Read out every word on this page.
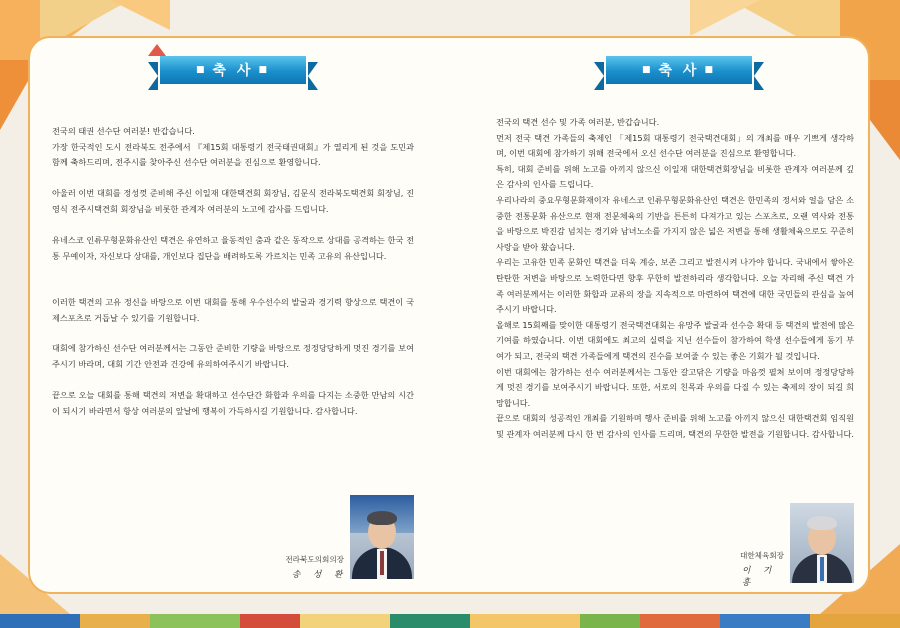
■ 축 사 ■	■ 축 사 ■

전국의 태권 선수단 여러분! 반갑습니다.
가장 한국적인 도시 전라북도 전주에서 『제15회 대통령기 전국태권대회』가 열리게 된 것을 도민과 함께 축하드리며, 전주시를 찾아주신 선수단 여러분을 진심으로 환영합니다.

아울러 이번 대회를 정성껏 준비해 주신 이일재 대한택견회 회장님, 김문식 전라북도택견회 회장님, 진영식 전주시택견회 회장님을 비롯한 관계자 여러분의 노고에 감사를 드립니다.

유네스코 인류무형문화유산인 택견은 유연하고 율동적인 춤과 같은 동작으로 상대를 공격하는 한국 전통 무예이자, 자신보다 상대를, 개인보다 집단을 배려하도록 가르치는 민족 고유의 유산입니다.

이러한 택견의 고유 정신을 바탕으로 이번 대회를 통해 우수선수의 발굴과 경기력 향상으로 택견이 국제스포츠로 거듭날 수 있기를 기원합니다.

대회에 참가하신 선수단 여러분께서는 그동안 준비한 기량을 바탕으로 정정당당하게 멋진 경기를 보여주시기 바라며, 대회 기간 안전과 건강에 유의하여주시기 바랍니다.

끝으로 오늘 대회를 통해 택견의 저변을 확대하고 선수단간 화합과 우의를 다지는 소중한 만남의 시간이 되시기 바라면서 항상 여러분의 앞날에 행복이 가득하시길 기원합니다. 감사합니다.

전국의 택견 선수 및 가족 여러분, 반갑습니다.
먼저 전국 택견 가족들의 축제인 「제15회 대통령기 전국택견대회」의 개최를 매우 기쁘게 생각하며, 이번 대회에 참가하기 위해 전국에서 오신 선수단 여러분을 진심으로 환영합니다.
특히, 대회 준비를 위해 노고를 아끼지 않으신 이일재 대한택견회장님을 비롯한 관계자 여러분께 깊은 감사의 인사를 드립니다.
우리나라의 중요무형문화재이자 유네스코 인류무형문화유산인 택견은 한민족의 정서와 얼을 담은 소중한 전통문화 유산으로 현재 전문체육의 기반을 튼튼히 다져가고 있는 스포츠로, 오랜 역사와 전통을 바탕으로 박진감 넘치는 경기와 남녀노소를 가지지 않은 넓은 저변을 통해 생활체육으로도 꾸준히 사랑을 받아 왔습니다.
우리는 고유한 민족 문화인 택견을 더욱 계승, 보존 그리고 발전시켜 나가야 합니다. 국내에서 쌓아온 탄탄한 저변을 바탕으로 노력한다면 향후 무한히 발전하리라 생각합니다. 오늘 자리해 주신 택견 가족 여러분께서는 이러한 화합과 교류의 장을 지속적으로 마련하여 택견에 대한 국민들의 관심을 높여주시기 바랍니다.
올해로 15회째를 맞이한 대통령기 전국택견대회는 유망주 발굴과 선수층 확대 등 택견의 발전에 많은 기여를 하였습니다. 이번 대회에도 최고의 실력을 지닌 선수들이 참가하여 학생 선수들에게 동기 부여가 되고, 전국의 택견 가족들에게 택견의 진수를 보여줄 수 있는 좋은 기회가 될 것입니다.
이번 대회에는 참가하는 선수 여러분께서는 그동안 갈고닦은 기량을 마음껏 펼쳐 보이며 정정당당하게 멋진 경기를 보여주시기 바랍니다. 또한, 서로의 친목과 우의를 다질 수 있는 축제의 장이 되길 희망합니다.
끝으로 대회의 성공적인 개최를 기원하며 행사 준비를 위해 노고를 아끼지 않으신 대한택견회 임직원 및 관계자 여러분께 다시 한 번 감사의 인사를 드리며, 택견의 무한한 발전을 기원합니다. 감사합니다.

전라북도의회의장
송 성 환
대한체육회장
이 기 흥
